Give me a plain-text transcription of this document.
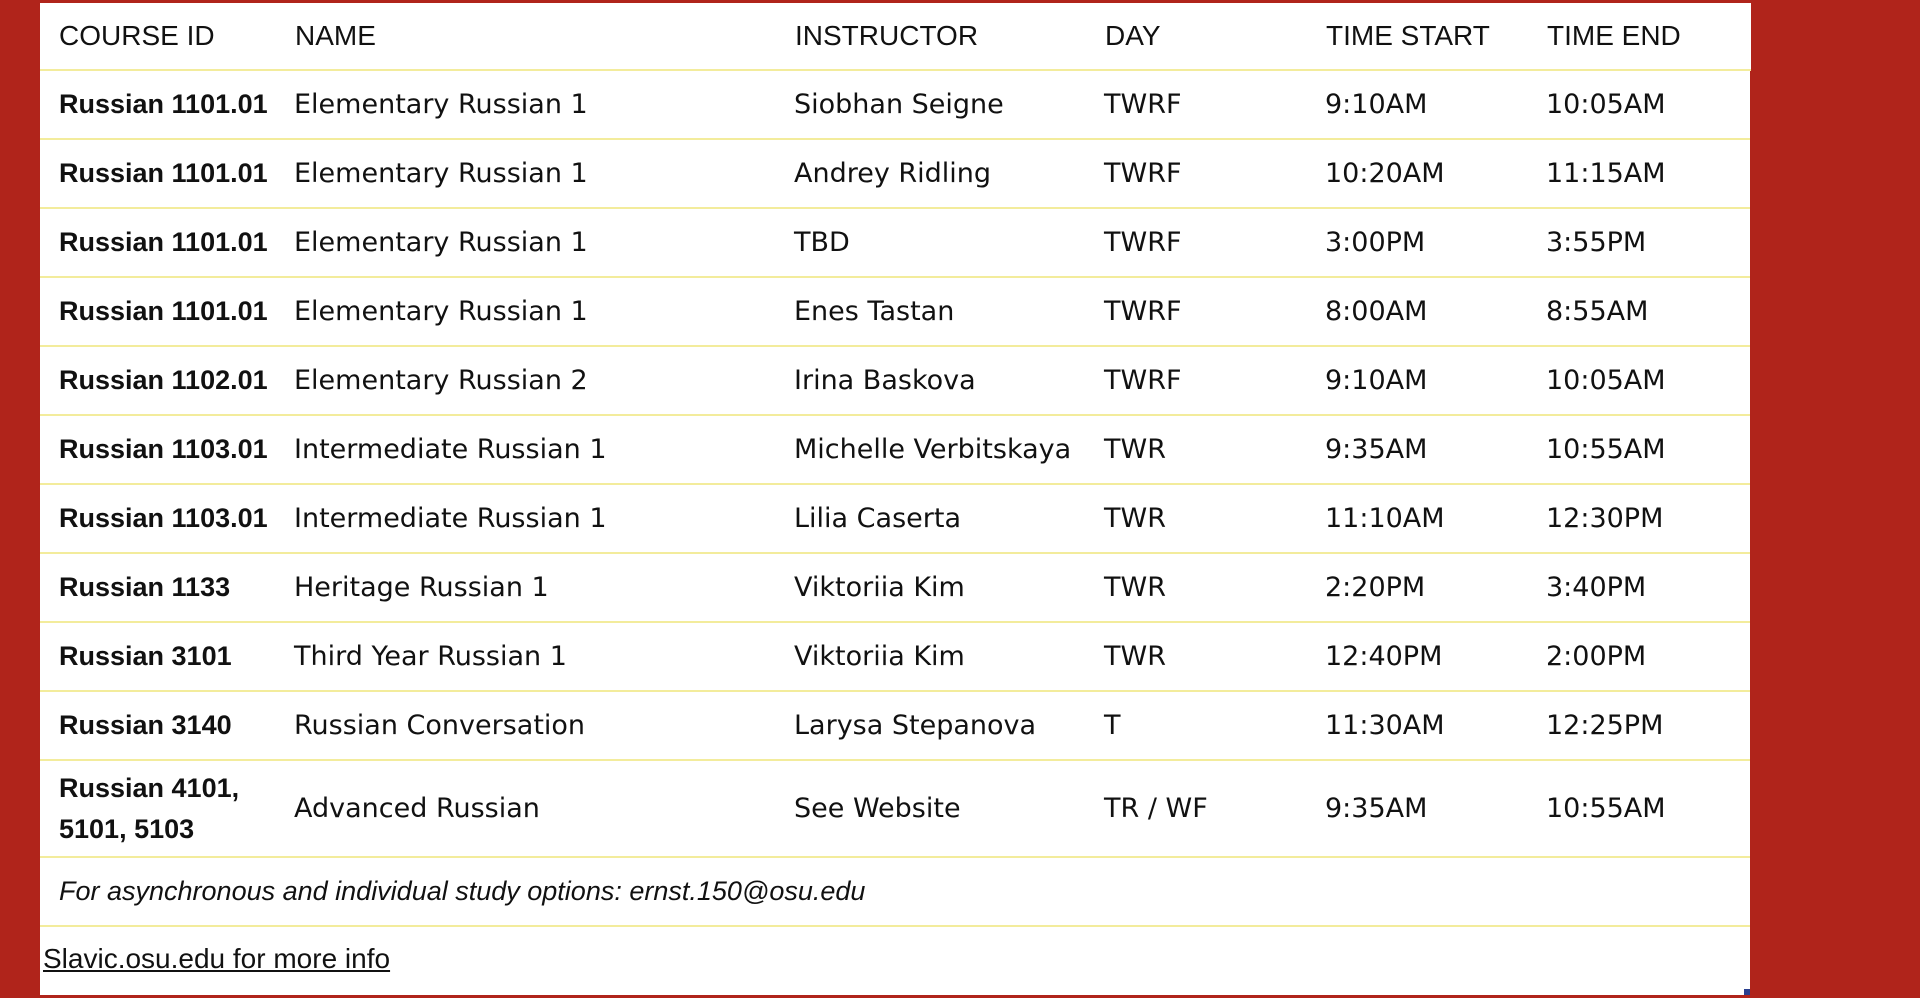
COURSE ID	NAME	INSTRUCTOR	DAY	TIME START	TIME END
Russian 1101.01	Elementary Russian 1	Siobhan Seigne	TWRF	9:10AM	10:05AM
Russian 1101.01	Elementary Russian 1	Andrey Ridling	TWRF	10:20AM	11:15AM
Russian 1101.01	Elementary Russian 1	TBD	TWRF	3:00PM	3:55PM
Russian 1101.01	Elementary Russian 1	Enes Tastan	TWRF	8:00AM	8:55AM
Russian 1102.01	Elementary Russian 2	Irina Baskova	TWRF	9:10AM	10:05AM
Russian 1103.01	Intermediate Russian 1	Michelle Verbitskaya	TWR	9:35AM	10:55AM
Russian 1103.01	Intermediate Russian 1	Lilia Caserta	TWR	11:10AM	12:30PM
Russian 1133	Heritage Russian 1	Viktoriia Kim	TWR	2:20PM	3:40PM
Russian 3101	Third Year Russian 1	Viktoriia Kim	TWR	12:40PM	2:00PM
Russian 3140	Russian Conversation	Larysa Stepanova	T	11:30AM	12:25PM
Russian 4101, 5101, 5103	Advanced Russian	See Website	TR / WF	9:35AM	10:55AM
For asynchronous and individual study options: ernst.150@osu.edu					
Slavic.osu.edu for more info
